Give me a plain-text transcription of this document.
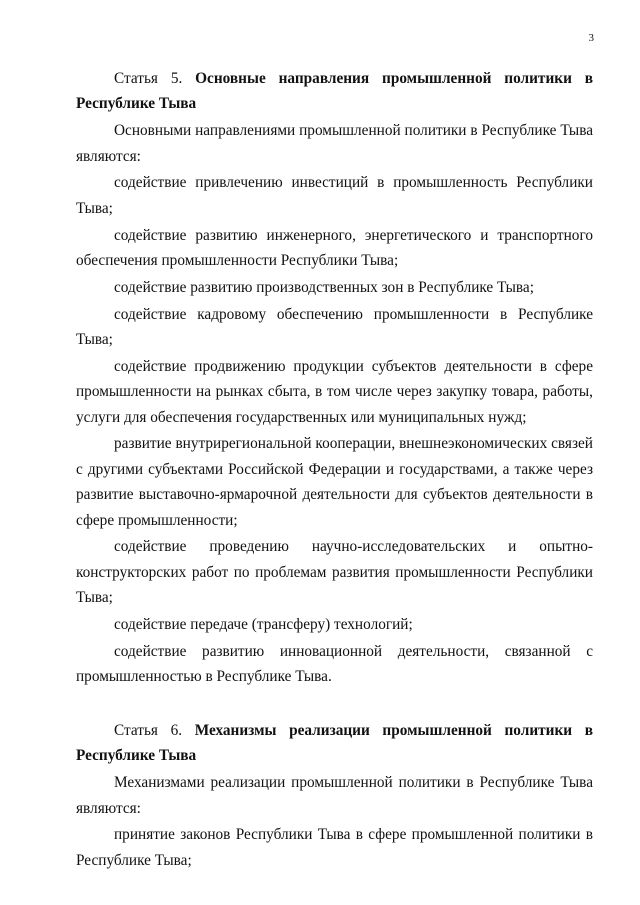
3

Статья 5. Основные направления промышленной политики в Республике Тыва

Основными направлениями промышленной политики в Республике Тыва являются:

содействие привлечению инвестиций в промышленность Республики Тыва;

содействие развитию инженерного, энергетического и транспортного обеспечения промышленности Республики Тыва;

содействие развитию производственных зон в Республике Тыва;

содействие кадровому обеспечению промышленности в Республике Тыва;

содействие продвижению продукции субъектов деятельности в сфере промышленности на рынках сбыта, в том числе через закупку товара, работы, услуги для обеспечения государственных или муниципальных нужд;

развитие внутрирегиональной кооперации, внешнеэкономических связей с другими субъектами Российской Федерации и государствами, а также через развитие выставочно-ярмарочной деятельности для субъектов деятельности в сфере промышленности;

содействие проведению научно-исследовательских и опытно-конструкторских работ по проблемам развития промышленности Республики Тыва;

содействие передаче (трансферу) технологий;

содействие развитию инновационной деятельности, связанной с промышленностью в Республике Тыва.

Статья 6. Механизмы реализации промышленной политики в Республике Тыва

Механизмами реализации промышленной политики в Республике Тыва являются:

принятие законов Республики Тыва в сфере промышленной политики в Республике Тыва;
